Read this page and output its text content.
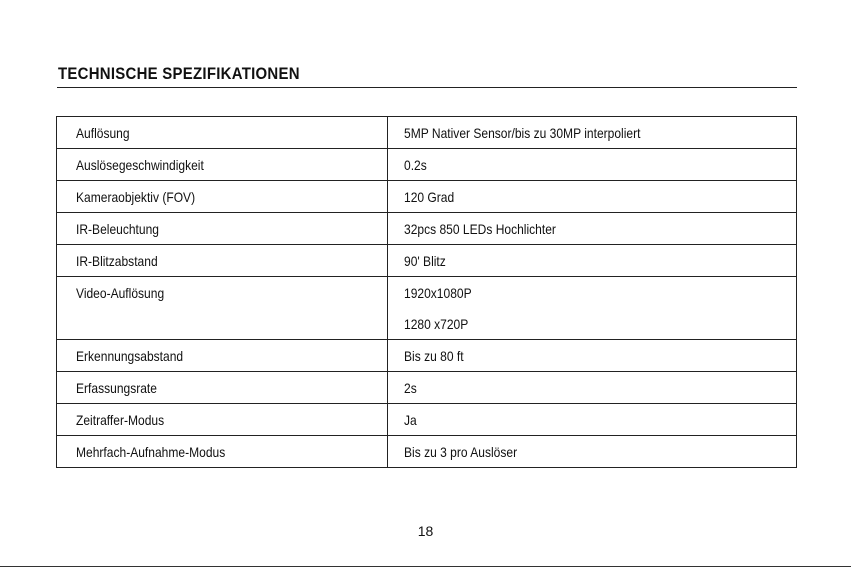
TECHNISCHE SPEZIFIKATIONEN
Auflösung	5MP Nativer Sensor/bis zu 30MP interpoliert
Auslösegeschwindigkeit	0.2s
Kameraobjektiv (FOV)	120 Grad
IR-Beleuchtung	32pcs 850 LEDs Hochlichter
IR-Blitzabstand	90' Blitz
Video-Auflösung	1920x1080P
	1280 x720P
Erkennungsabstand	Bis zu 80 ft
Erfassungsrate	2s
Zeitraffer-Modus	Ja
Mehrfach-Aufnahme-Modus	Bis zu 3 pro Auslöser
18
